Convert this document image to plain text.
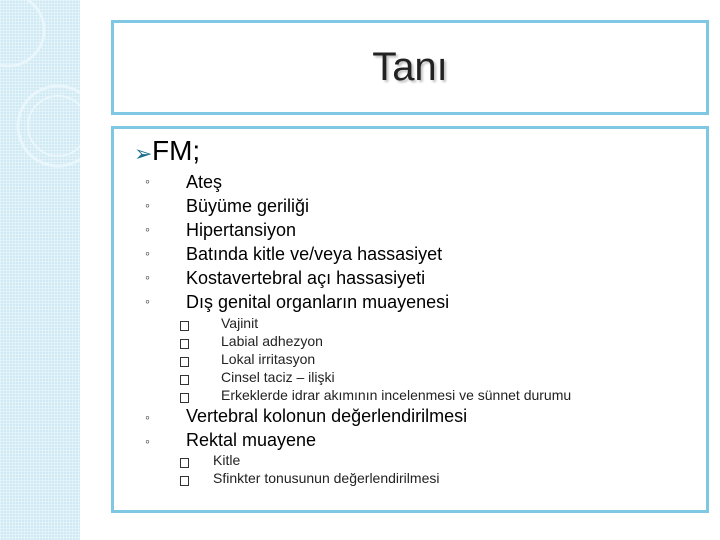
Tanı
➢ FM;
◦ Ateş
◦ Büyüme geriliği
◦ Hipertansiyon
◦ Batında kitle ve/veya hassasiyet
◦ Kostavertebral açı hassasiyeti
◦ Dış genital organların muayenesi
Vajinit
Labial adhezyon
Lokal irritasyon
Cinsel taciz – ilişki
Erkeklerde idrar akımının incelenmesi ve sünnet durumu
◦ Vertebral kolonun değerlendirilmesi
◦ Rektal muayene
Kitle
Sfinkter tonusunun değerlendirilmesi
